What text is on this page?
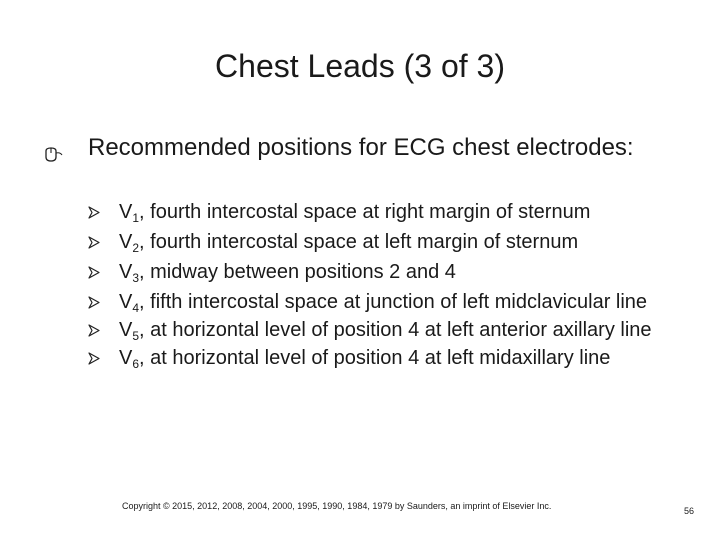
Chest Leads (3 of 3)
Recommended positions for ECG chest electrodes:
$V_1$, fourth intercostal space at right margin of sternum
$V_2$, fourth intercostal space at left margin of sternum
$V_3$, midway between positions 2 and 4
$V_4$, fifth intercostal space at junction of left midclavicular line
$V_5$, at horizontal level of position 4 at left anterior axillary line
$V_6$, at horizontal level of position 4 at left midaxillary line
Copyright © 2015, 2012, 2008, 2004, 2000, 1995, 1990, 1984, 1979 by Saunders, an imprint of Elsevier Inc.	56
